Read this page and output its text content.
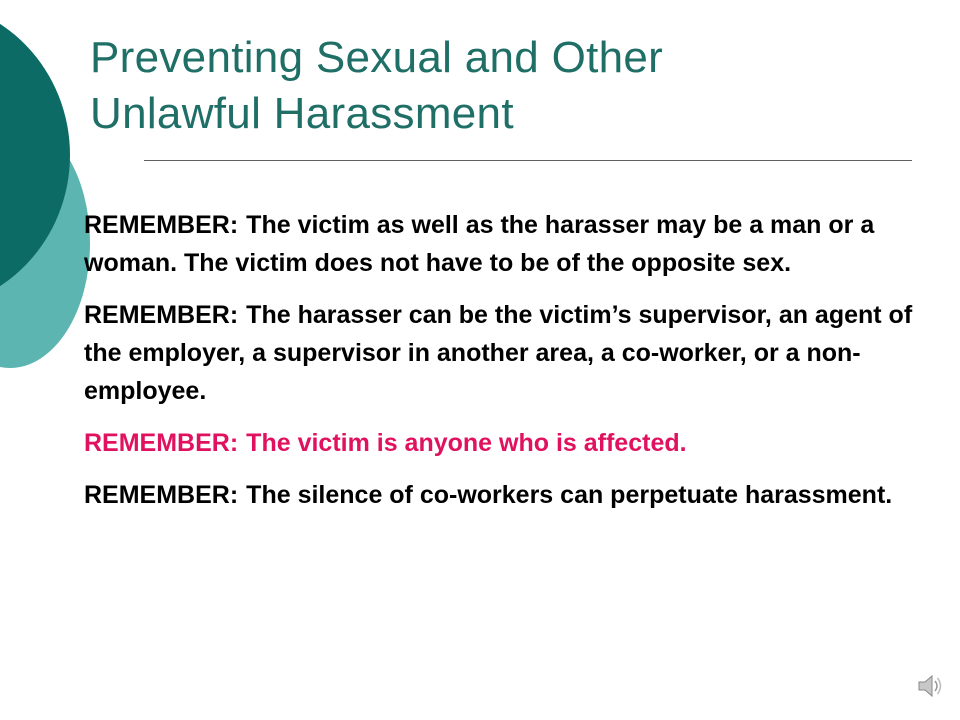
Preventing Sexual and Other
Unlawful Harassment

REMEMBER: The victim as well as the harasser may be a man or a woman. The victim does not have to be of the opposite sex.

REMEMBER: The harasser can be the victim’s supervisor, an agent of the employer, a supervisor in another area, a co-worker, or a non-employee.

REMEMBER: The victim is anyone who is affected.

REMEMBER: The silence of co-workers can perpetuate harassment.
